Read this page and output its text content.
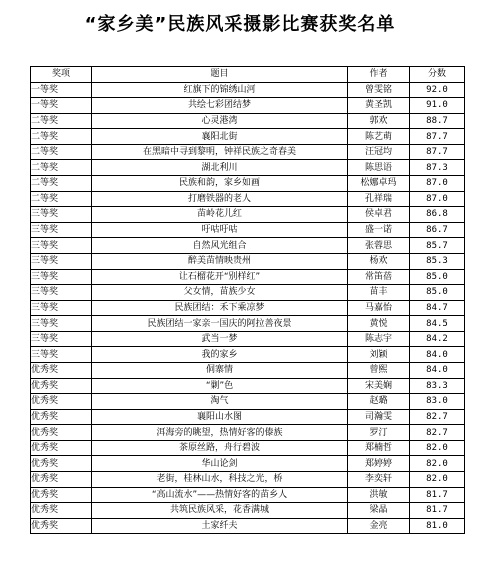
“家乡美”民族风采摄影比赛获奖名单
奖项	题目	作者	分数
一等奖	红旗下的锦绣山河	曾雯铭	92.0
一等奖	共绘七彩团结梦	黄圣凯	91.0
二等奖	心灵港湾	郭欢	88.7
二等奖	襄阳北街	陈艺萌	87.7
二等奖	在黑暗中寻到黎明，钟祥民族之奇春美	汪冠均	87.7
二等奖	湖北利川	陈思语	87.3
二等奖	民族和韵，家乡如画	松娜卓玛	87.0
二等奖	打磨铁器的老人	孔祥瑞	87.0
三等奖	苗岭花儿红	侯卓君	86.8
三等奖	吁咕吁咕	盛一诺	86.7
三等奖	自然风光组合	张蓉思	85.7
三等奖	醉美苗情映贵州	杨欢	85.3
三等奖	让石榴花开“别样红”	常笛蓓	85.0
三等奖	父女情，苗族少女	苗丰	85.0
三等奖	民族团结：禾下乘凉梦	马嘉怡	84.7
三等奖	民族团结一家亲一国庆的阿拉善夜景	黄悦	84.5
三等奖	武当一梦	陈志宇	84.2
三等奖	我的家乡	刘颖	84.0
优秀奖	侗寨情	曾熙	84.0
优秀奖	“剿”色	宋美娴	83.3
优秀奖	淘气	赵璐	83.0
优秀奖	襄阳山水图	司瀚雯	82.7
优秀奖	洱海旁的眺望，热情好客的傣族	罗汀	82.7
优秀奖	茶原丝路，舟行碧波	郑楠哲	82.0
优秀奖	华山论剑	郑婷婷	82.0
优秀奖	老街，桂林山水，科技之光，桥	李奕轩	82.0
优秀奖	“高山流水”——热情好客的苗乡人	洪敏	81.7
优秀奖	共筑民族风采，花香满城	梁晶	81.7
优秀奖	土家纤夫	金亮	81.0
